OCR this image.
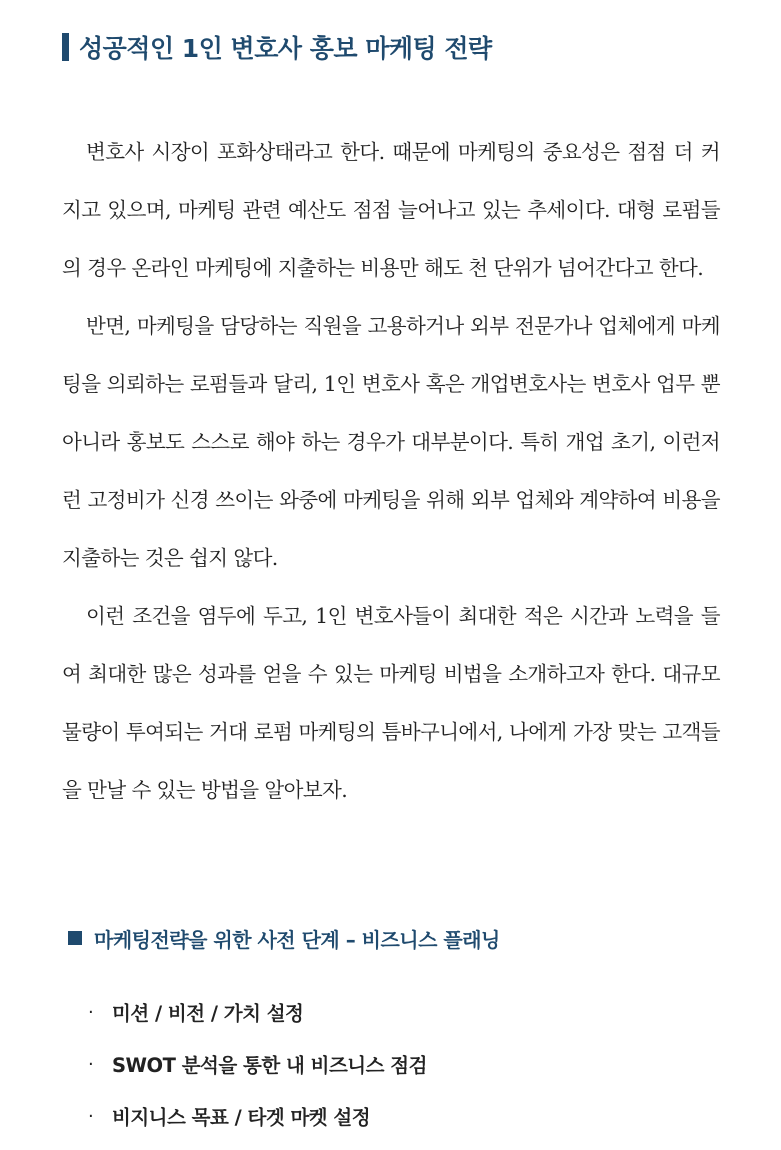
성공적인 1인 변호사 홍보 마케팅 전략

변호사 시장이 포화상태라고 한다. 때문에 마케팅의 중요성은 점점 더 커지고 있으며, 마케팅 관련 예산도 점점 늘어나고 있는 추세이다. 대형 로펌들의 경우 온라인 마케팅에 지출하는 비용만 해도 천 단위가 넘어간다고 한다.

반면, 마케팅을 담당하는 직원을 고용하거나 외부 전문가나 업체에게 마케팅을 의뢰하는 로펌들과 달리, 1인 변호사 혹은 개업변호사는 변호사 업무 뿐 아니라 홍보도 스스로 해야 하는 경우가 대부분이다. 특히 개업 초기, 이런저런 고정비가 신경 쓰이는 와중에 마케팅을 위해 외부 업체와 계약하여 비용을 지출하는 것은 쉽지 않다.

이런 조건을 염두에 두고, 1인 변호사들이 최대한 적은 시간과 노력을 들여 최대한 많은 성과를 얻을 수 있는 마케팅 비법을 소개하고자 한다. 대규모 물량이 투여되는 거대 로펌 마케팅의 틈바구니에서, 나에게 가장 맞는 고객들을 만날 수 있는 방법을 알아보자.

마케팅전략을 위한 사전 단계 – 비즈니스 플래닝
· 미션 / 비전 / 가치 설정
· SWOT 분석을 통한 내 비즈니스 점검
· 비지니스 목표 / 타겟 마켓 설정
